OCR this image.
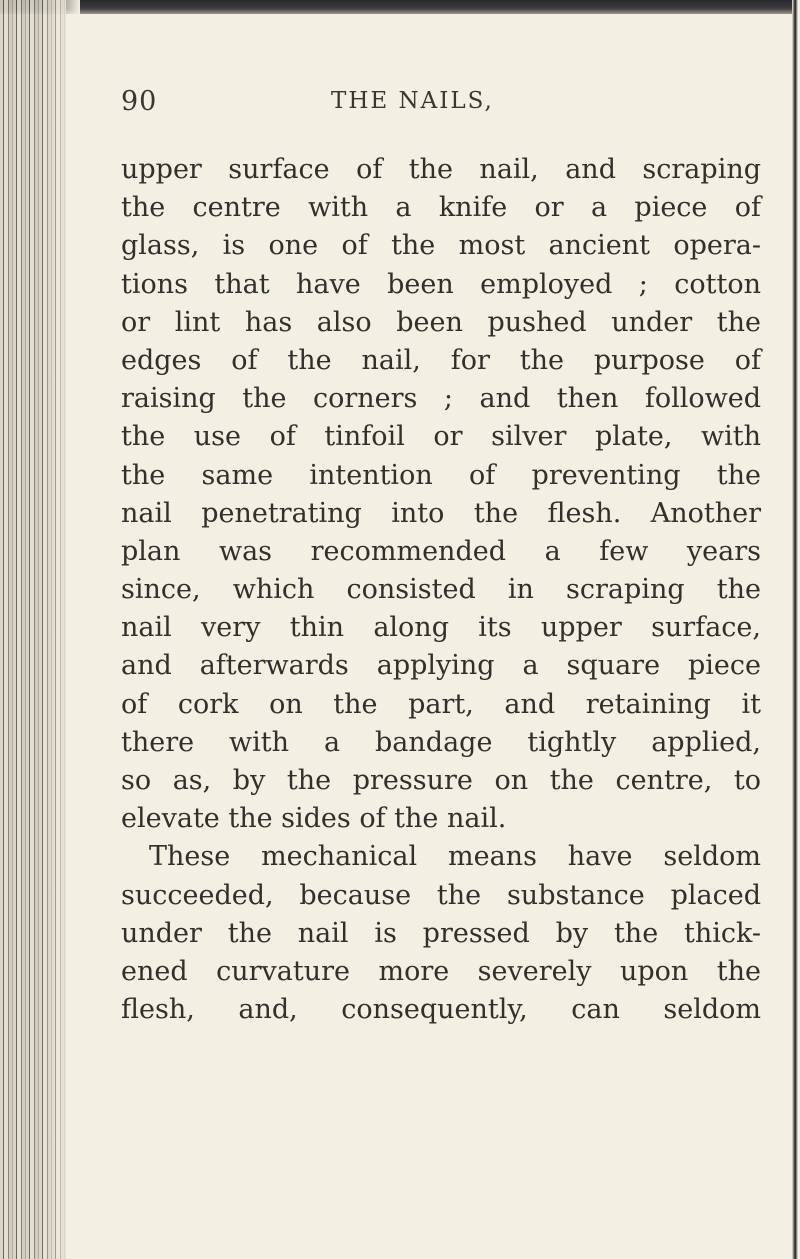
90	THE NAILS,
upper surface of the nail, and scraping
the centre with a knife or a piece of
glass, is one of the most ancient opera-
tions that have been employed ; cotton
or lint has also been pushed under the
edges of the nail, for the purpose of
raising the corners ; and then followed
the use of tinfoil or silver plate, with
the same intention of preventing the
nail penetrating into the flesh. Another
plan was recommended a few years
since, which consisted in scraping the
nail very thin along its upper surface,
and afterwards applying a square piece
of cork on the part, and retaining it
there with a bandage tightly applied,
so as, by the pressure on the centre, to
elevate the sides of the nail.
These mechanical means have seldom
succeeded, because the substance placed
under the nail is pressed by the thick-
ened curvature more severely upon the
flesh, and, consequently, can seldom
